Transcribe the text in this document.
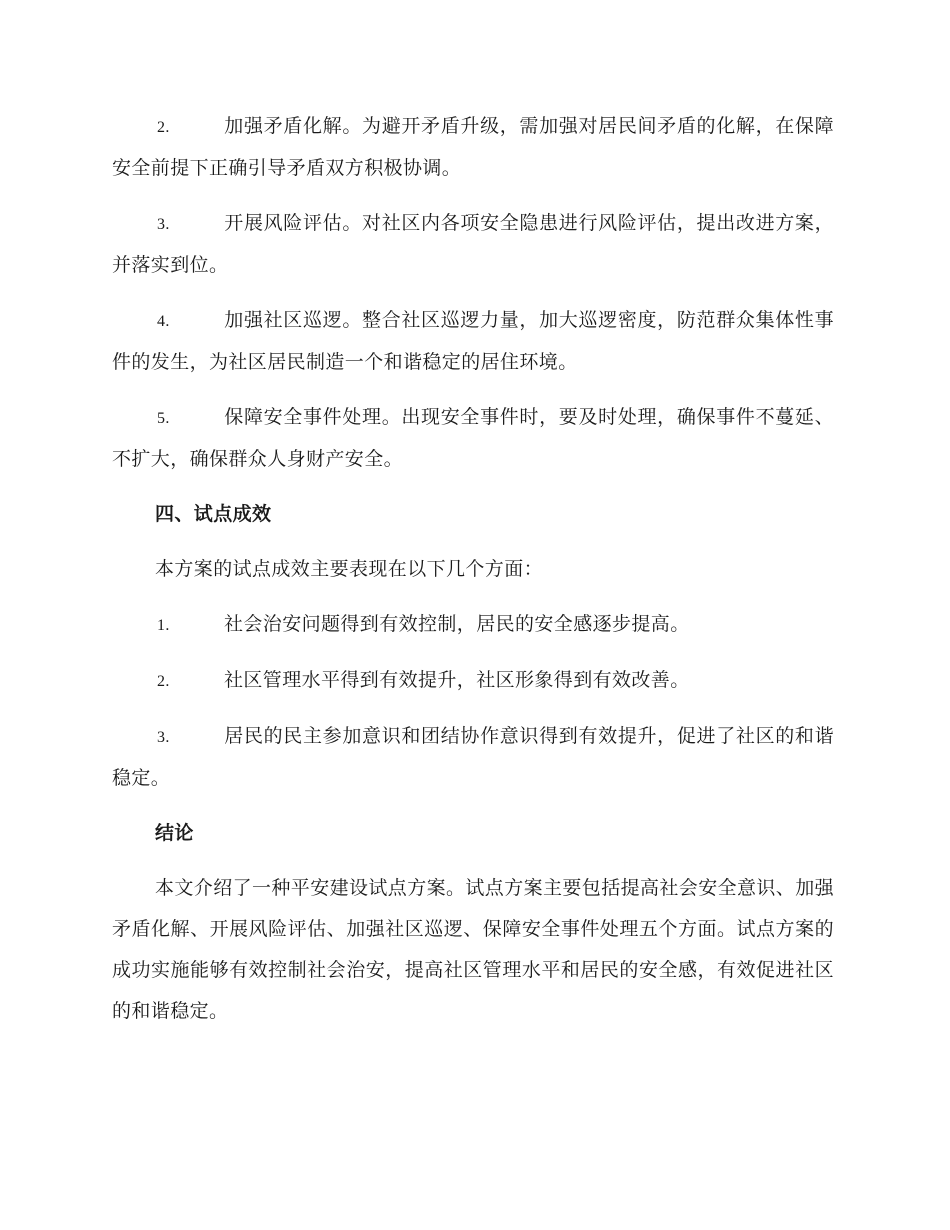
2.	加强矛盾化解。为避开矛盾升级，需加强对居民间矛盾的化解，在保障安全前提下正确引导矛盾双方积极协调。

3.	开展风险评估。对社区内各项安全隐患进行风险评估，提出改进方案，并落实到位。

4.	加强社区巡逻。整合社区巡逻力量，加大巡逻密度，防范群众集体性事件的发生，为社区居民制造一个和谐稳定的居住环境。

5.	保障安全事件处理。出现安全事件时，要及时处理，确保事件不蔓延、不扩大，确保群众人身财产安全。

四、试点成效

本方案的试点成效主要表现在以下几个方面：

1.	社会治安问题得到有效控制，居民的安全感逐步提高。

2.	社区管理水平得到有效提升，社区形象得到有效改善。

3.	居民的民主参加意识和团结协作意识得到有效提升，促进了社区的和谐稳定。

结论

本文介绍了一种平安建设试点方案。试点方案主要包括提高社会安全意识、加强矛盾化解、开展风险评估、加强社区巡逻、保障安全事件处理五个方面。试点方案的成功实施能够有效控制社会治安，提高社区管理水平和居民的安全感，有效促进社区的和谐稳定。
